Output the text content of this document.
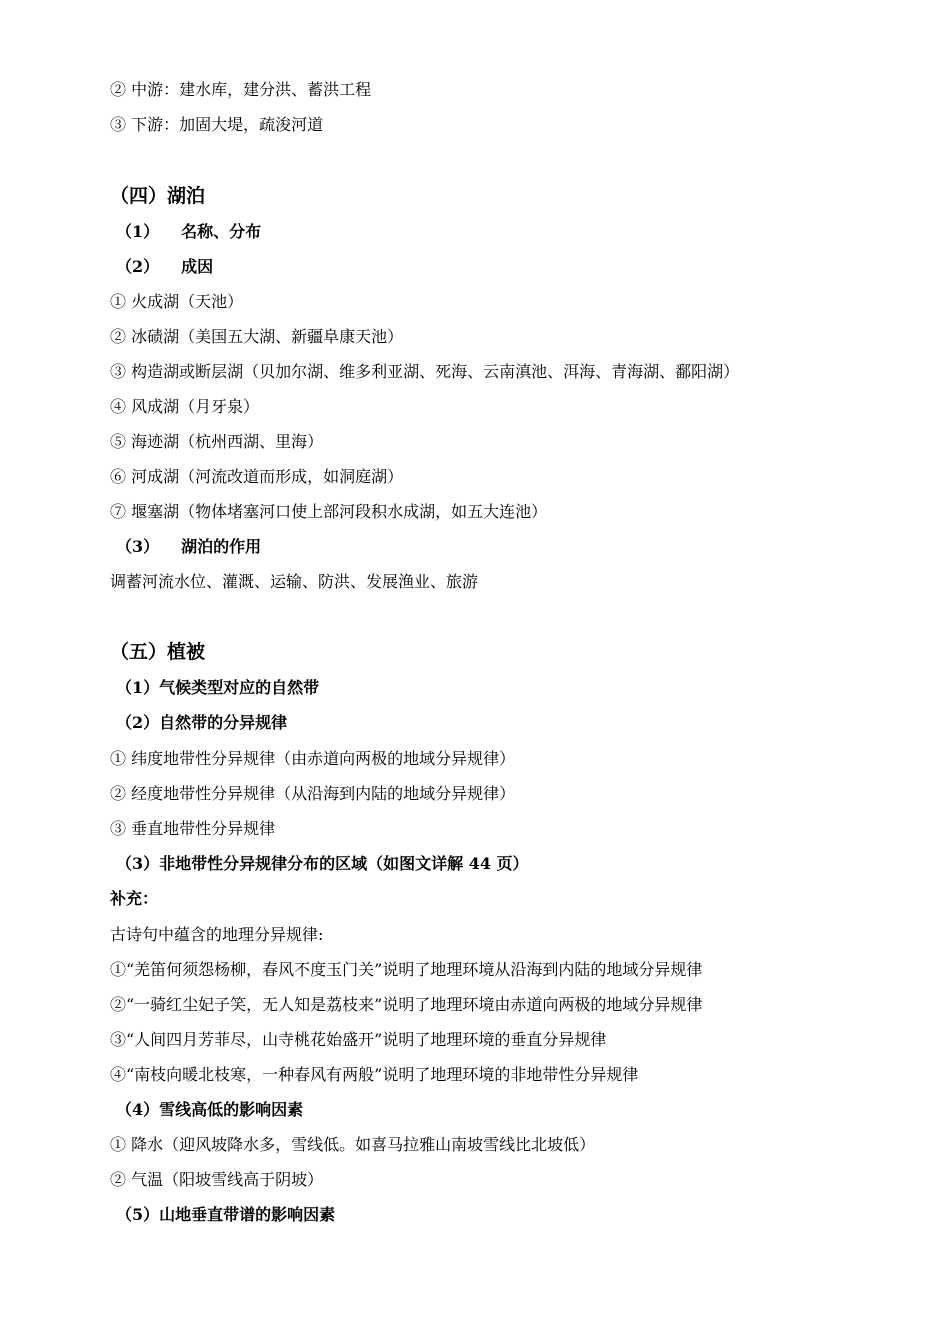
② 中游：建水库，建分洪、蓄洪工程
③ 下游：加固大堤，疏浚河道
（四）湖泊
（1） 名称、分布
（2） 成因
① 火成湖（天池）
② 冰碛湖（美国五大湖、新疆阜康天池）
③ 构造湖或断层湖（贝加尔湖、维多利亚湖、死海、云南滇池、洱海、青海湖、鄱阳湖）
④ 风成湖（月牙泉）
⑤ 海迹湖（杭州西湖、里海）
⑥ 河成湖（河流改道而形成，如洞庭湖）
⑦ 堰塞湖（物体堵塞河口使上部河段积水成湖，如五大连池）
（3） 湖泊的作用
调蓄河流水位、灌溉、运输、防洪、发展渔业、旅游
（五）植被
（1）气候类型对应的自然带
（2）自然带的分异规律
① 纬度地带性分异规律（由赤道向两极的地域分异规律）
② 经度地带性分异规律（从沿海到内陆的地域分异规律）
③ 垂直地带性分异规律
（3）非地带性分异规律分布的区域（如图文详解 44 页）
补充：
古诗句中蕴含的地理分异规律:
①“羌笛何须怨杨柳，春风不度玉门关”说明了地理环境从沿海到内陆的地域分异规律
②“一骑红尘妃子笑，无人知是荔枝来”说明了地理环境由赤道向两极的地域分异规律
③“人间四月芳菲尽，山寺桃花始盛开”说明了地理环境的垂直分异规律
④“南枝向暖北枝寒，一种春风有两般”说明了地理环境的非地带性分异规律
（4）雪线高低的影响因素
① 降水（迎风坡降水多，雪线低。如喜马拉雅山南坡雪线比北坡低）
② 气温（阳坡雪线高于阴坡）
（5）山地垂直带谱的影响因素
